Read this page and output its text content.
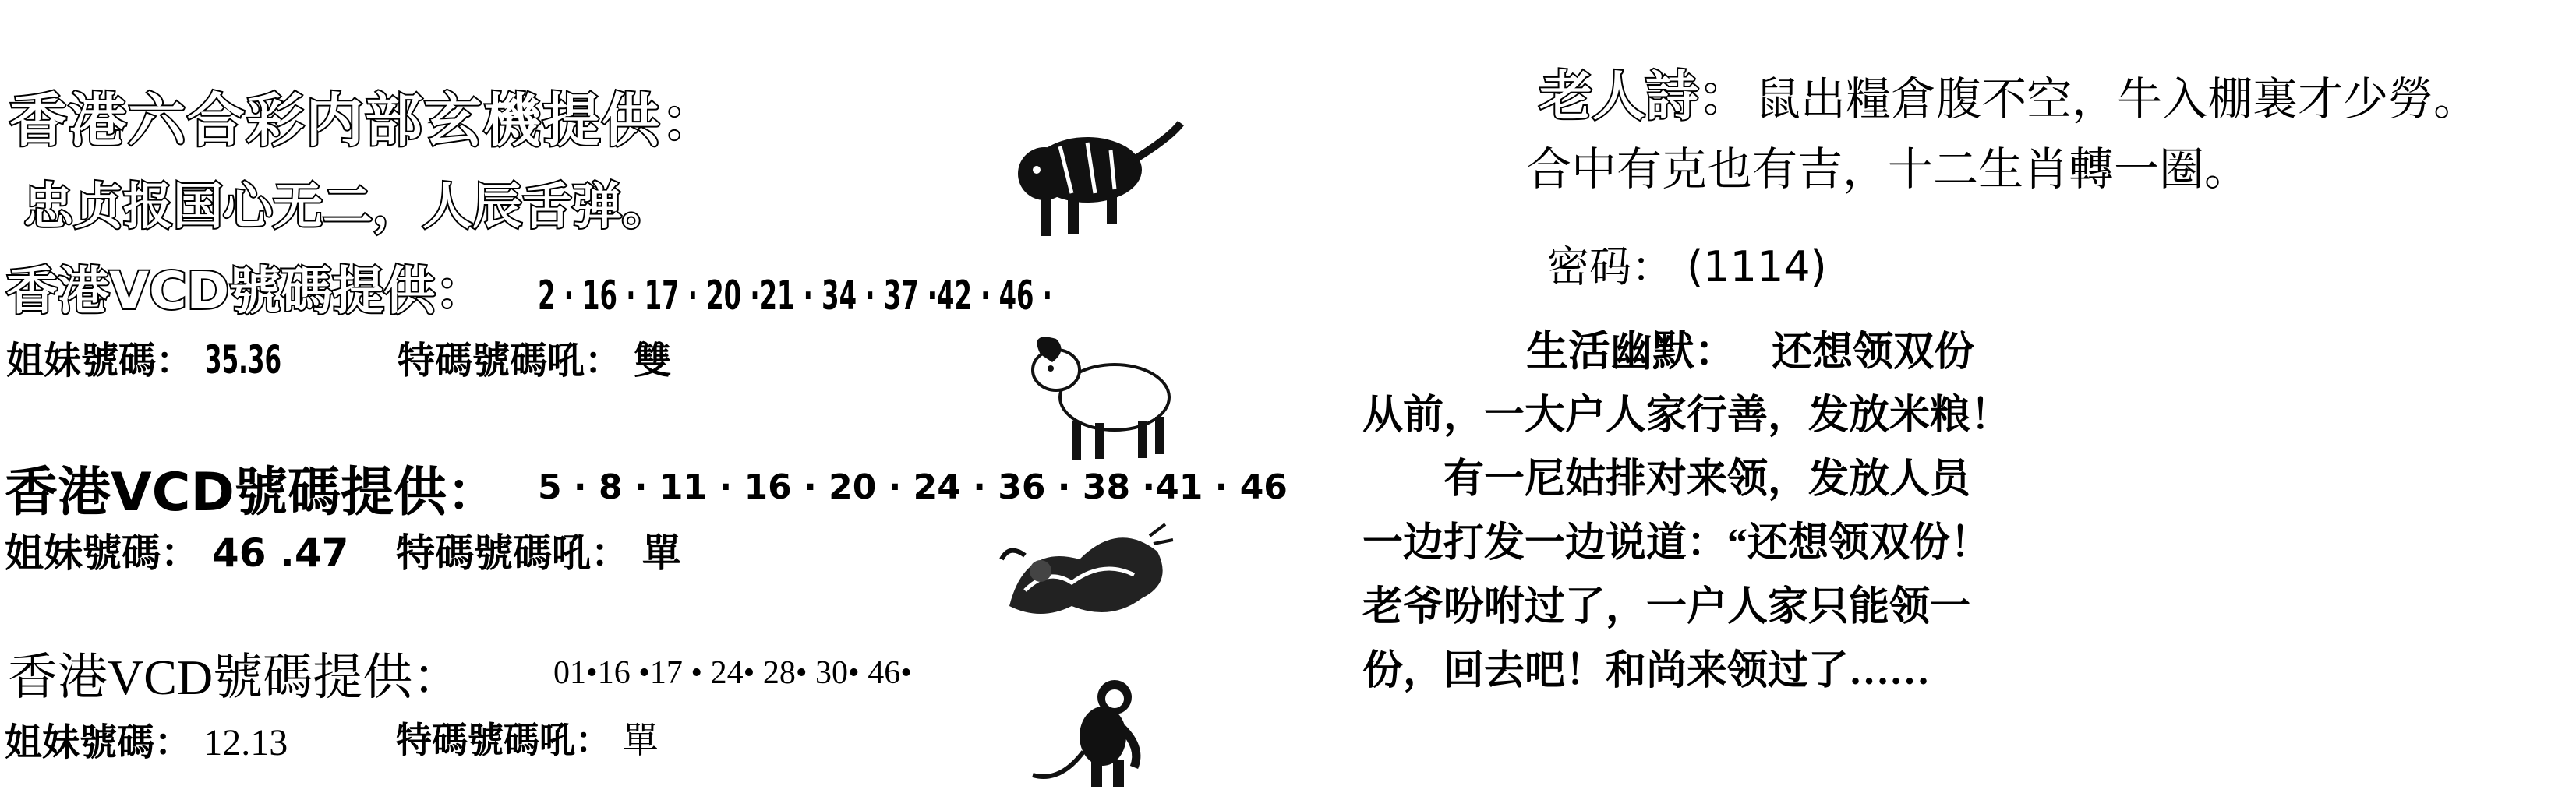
香港六合彩内部玄機提供：
忠贞报国心无二，人辰舌弹。
香港VCD號碼提供： 2 · 16 · 17 · 20 ·21 · 34 · 37 ·42 · 46 ·
姐妹號碼： 35.36	特碼號碼吼： 雙
香港VCD號碼提供： 5 · 8 · 11 · 16 · 20 · 24 · 36 · 38 ·41 · 46
姐妹號碼： 46 .47 特碼號碼吼： 單
香港VCD號碼提供：	01•16 •17 • 24• 28• 30• 46•
姐妹號碼： 12.13	特碼號碼吼： 單
老人詩： 鼠出糧倉腹不空，牛入棚裏才少勞。
合中有克也有吉，十二生肖轉一圈。
密码： (1114)
生活幽默： 还想领双份
从前，一大户人家行善，发放米粮！
　　有一尼姑排对来领，发放人员
一边打发一边说道：“还想领双份！
老爷吩咐过了，一户人家只能领一
份，回去吧！和尚来领过了……
